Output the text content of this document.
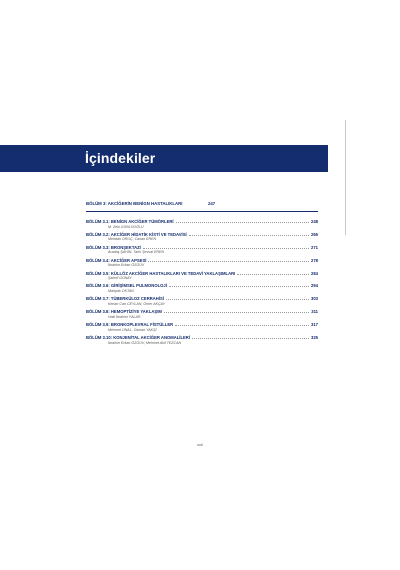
İçindekiler
BÖLÜM 3: AKCİĞERİN BENİGN HASTALIKLARI	247
BÖLÜM 3.1: BENİGN AKCİĞER TÜMÖRLERİ	248
M. Zeki GÜNLÜOĞLU
BÖLÜM 3.2: AKCİĞER HİDATİK KİSTİ VE TEDAVİSİ	265
Mendah ORUÇ, Canan EREN
BÖLÜM 3.3: BRONŞEKTAZİ	271
Aradaş ŞAHİN, Tahir Şevval EREN
BÖLÜM 3.4: AKCİĞER APSESİ	278
İbrahim Erkan ÖZGÜV
BÖLÜM 3.5: KÜLLÖZ AKCİĞER HASTALIKLARI VE TEDAVİ YAKLAŞIMLARI	284
Şahnif GÜNAY
BÖLÜM 3.6: GİRİŞİMSEL PULMONOLOJİ	294
Mahpak OKTAN
BÖLÜM 3.7: TÜBERKÜLOZ CERRAHİSİ	303
Kenan Can CEYLAN, Ömer AKÇAY
BÖLÜM 3.8: HEMOPTİZİYE YAKLAŞIM	311
Halil İbrahim YALAR
BÖLÜM 3.9: BRONKOPLEVRAL FİSTÜLLER	317
Mehmet ÜNAL, Osman YAKŞİ
BÖLÜM 3.10: KONJENİTAL AKCİĞER ANOMALİLERİ	325
İbrahim Erkan ÖZGÜV, Mehmet Akif TEZCAN
xvii
